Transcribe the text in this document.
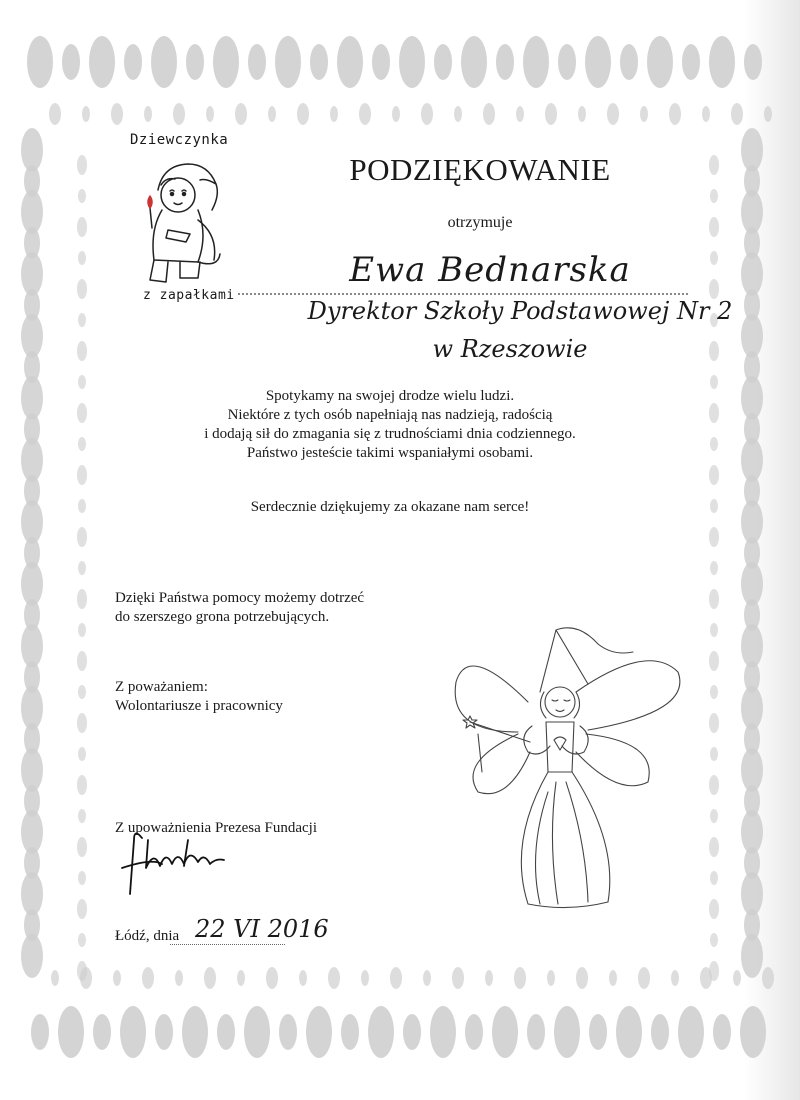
Dziewczynka
z zapałkami
PODZIĘKOWANIE
otrzymuje
Ewa Bednarska
Dyrektor Szkoły Podstawowej Nr 2
w Rzeszowie
Spotykamy na swojej drodze wielu ludzi.
Niektóre z tych osób napełniają nas nadzieją, radością
i dodają sił do zmagania się z trudnościami dnia codziennego.
Państwo jesteście takimi wspaniałymi osobami.
Serdecznie dziękujemy za okazane nam serce!
Dzięki Państwa pomocy możemy dotrzeć
do szerszego grona potrzebujących.
Z poważaniem:
Wolontariusze i pracownicy
Z upoważnienia Prezesa Fundacji
Łódź, dnia 22 VI 2016
